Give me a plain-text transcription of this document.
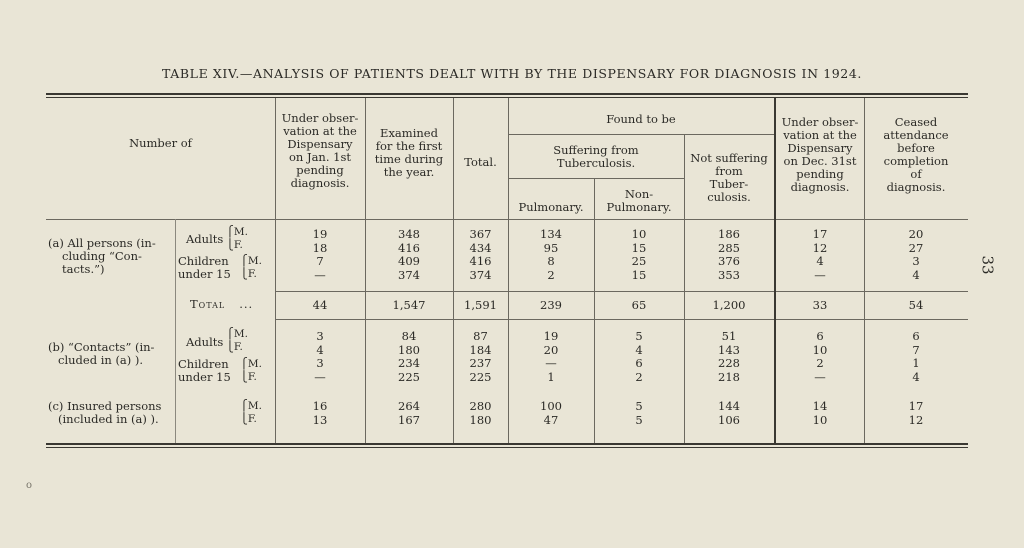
TABLE XIV.—ANALYSIS OF PATIENTS DEALT WITH BY THE DISPENSARY FOR DIAGNOSIS IN 1924.
33
o
Number of
Under obser-
vation at the
Dispensary
on Jan. 1st
pending
diagnosis.
Examined
for the first
time during
the year.
Total.
Found to be
Suffering from
Tuberculosis.
Pulmonary.
Non-
Pulmonary.
Not suffering
from
Tuber-
culosis.
Under obser-
vation at the
Dispensary
on Dec. 31st
pending
diagnosis.
Ceased
attendance
before
completion
of
diagnosis.
(a) All persons (in-
cluding “Con-
tacts.”)
Adults ⎧M.
⎩F.
Children
under 15
⎧M.
⎩F.
Total ...
(b) “Contacts” (in-
cluded in (a) ).
Adults
⎧M.
⎩F.
Children
under 15
⎧M.
⎩F.
(c) Insured persons
(included in (a) ).
⎧M.
⎩F.
19
18
7
—
44
3
4
3
—
16
13
348
416
409
374
1,547
84
180
234
225
264
167
367
434
416
374
1,591
87
184
237
225
280
180
134
95
8
2
239
19
20
—
1
100
47
10
15
25
15
65
5
4
6
2
5
5
186
285
376
353
1,200
51
143
228
218
144
106
17
12
4
—
33
6
10
2
—
14
10
20
27
3
4
54
6
7
1
4
17
12
